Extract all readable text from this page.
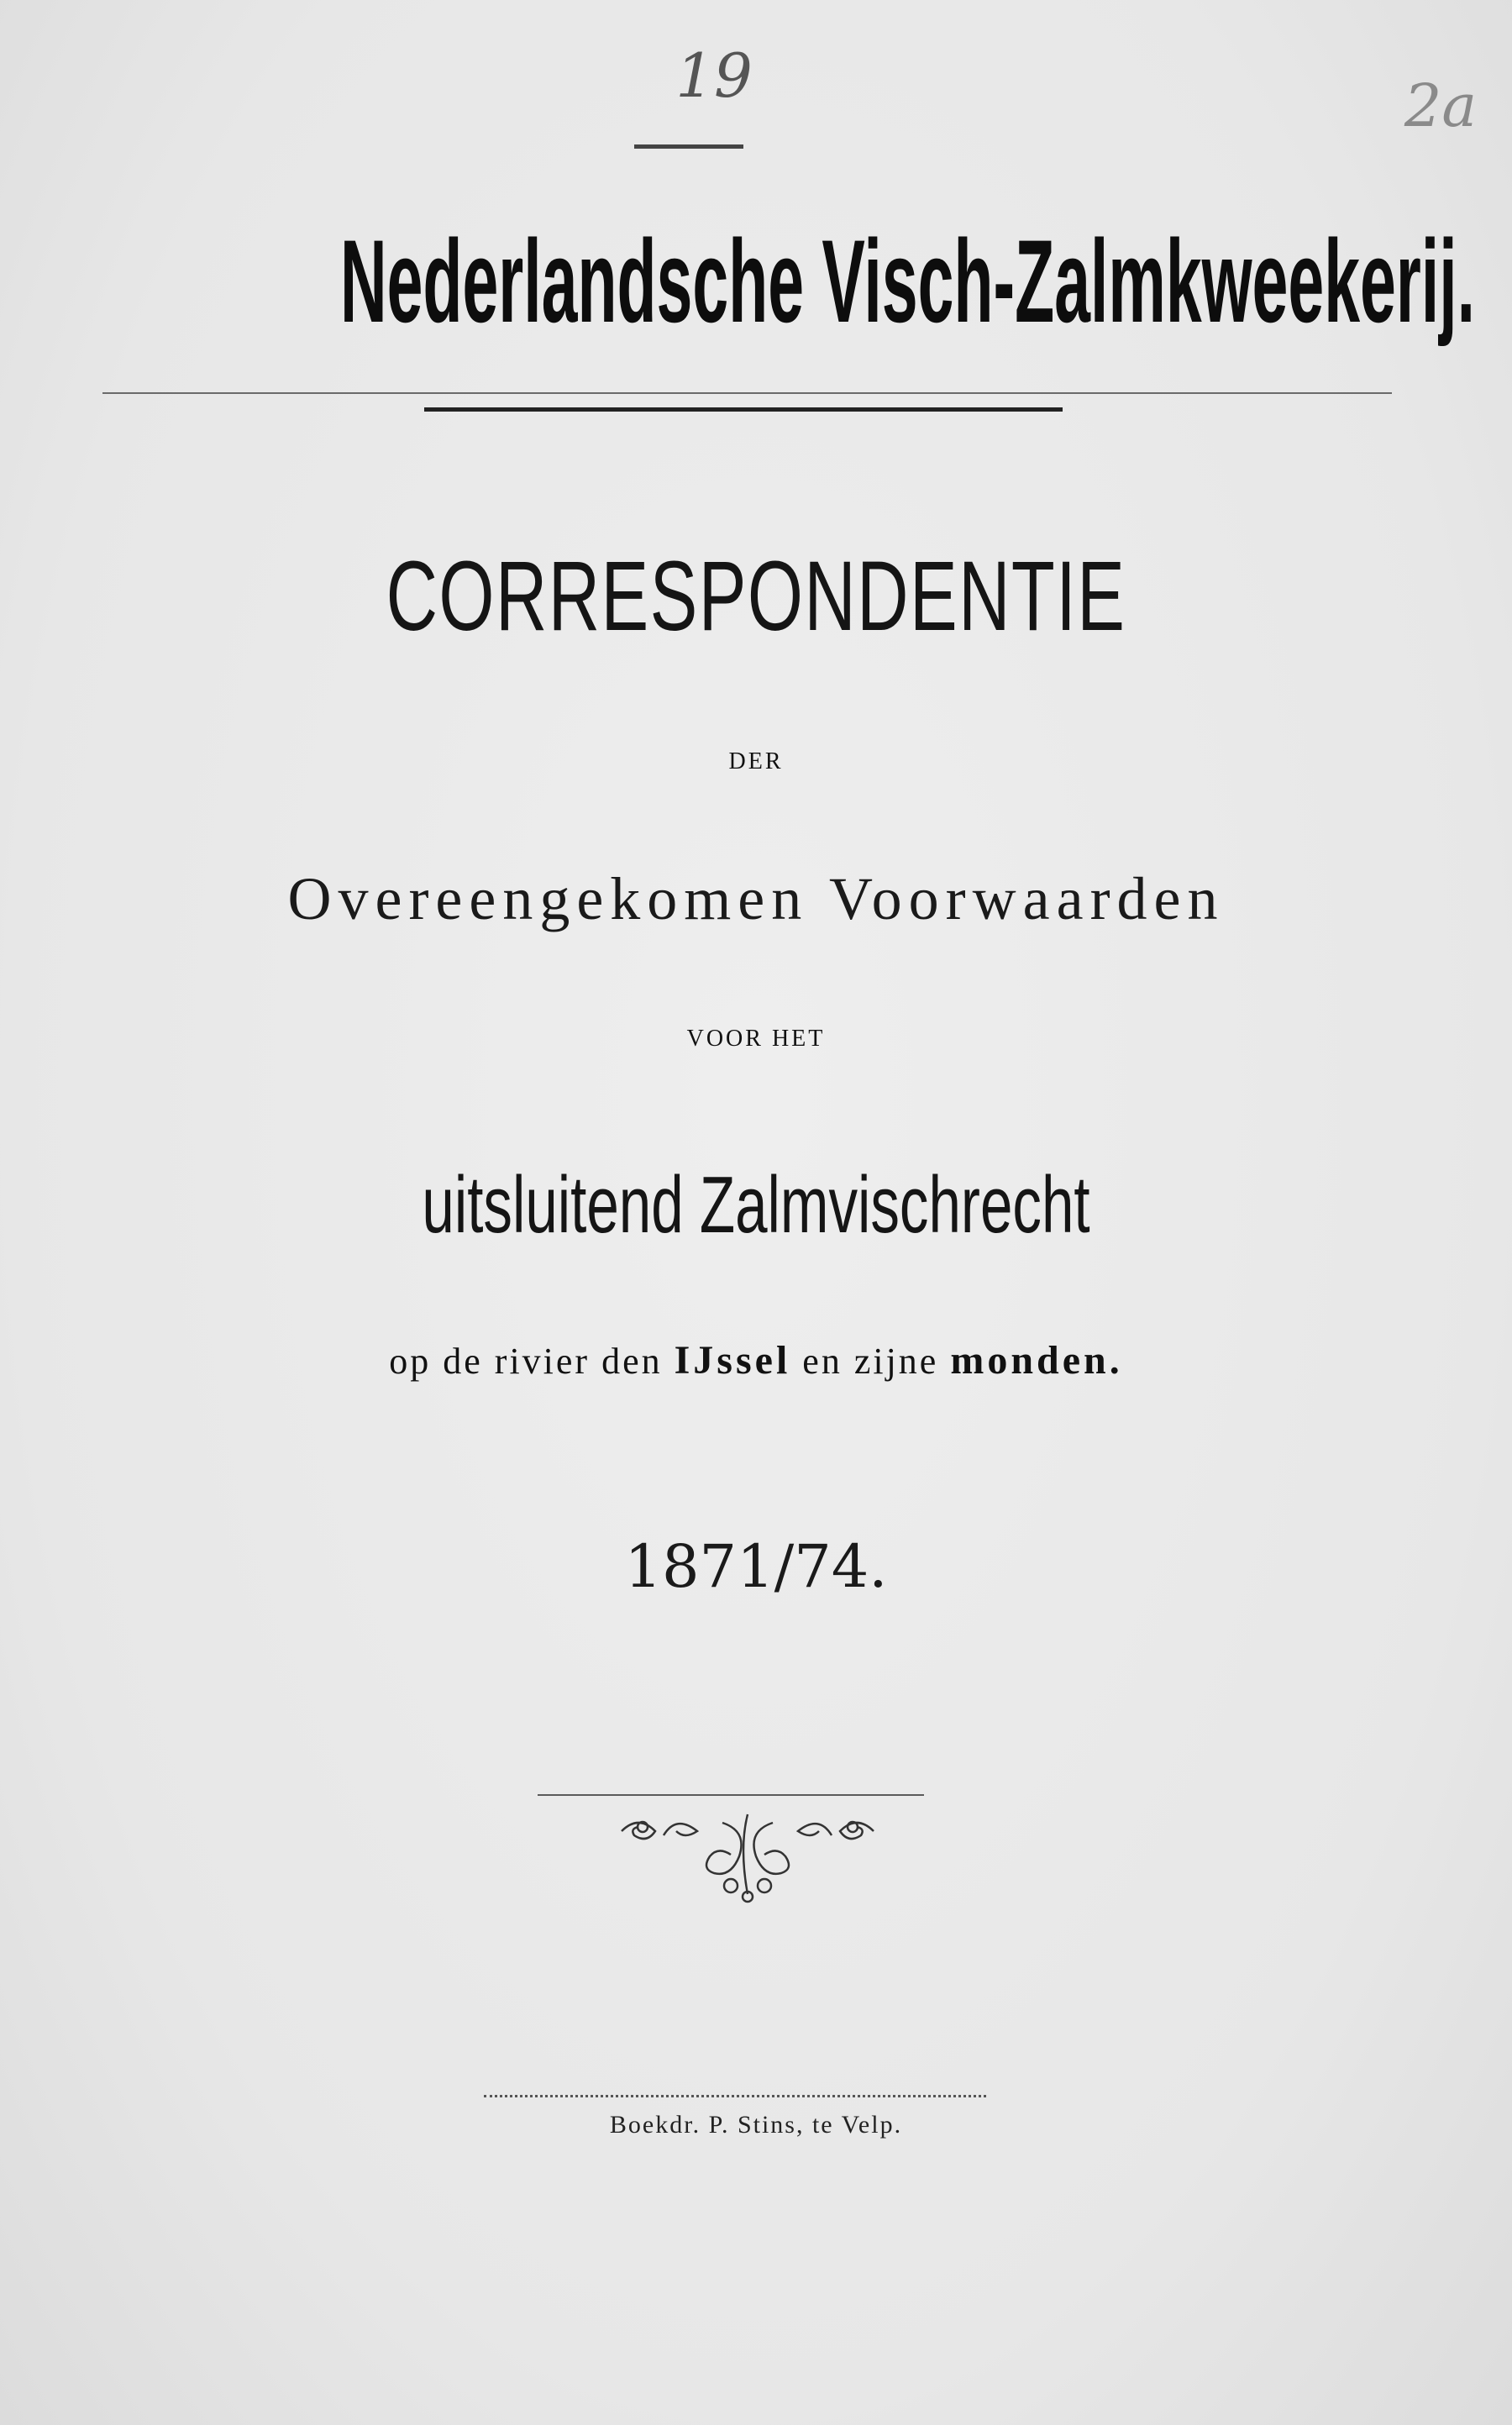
19	2a
Nederlandsche Visch-Zalmkweekerij.
CORRESPONDENTIE
DER
Overeengekomen Voorwaarden
VOOR HET
uitsluitend Zalmvischrecht
op de rivier den IJssel en zijne monden.
1871/74.
Boekdr. P. Stins, te Velp.
